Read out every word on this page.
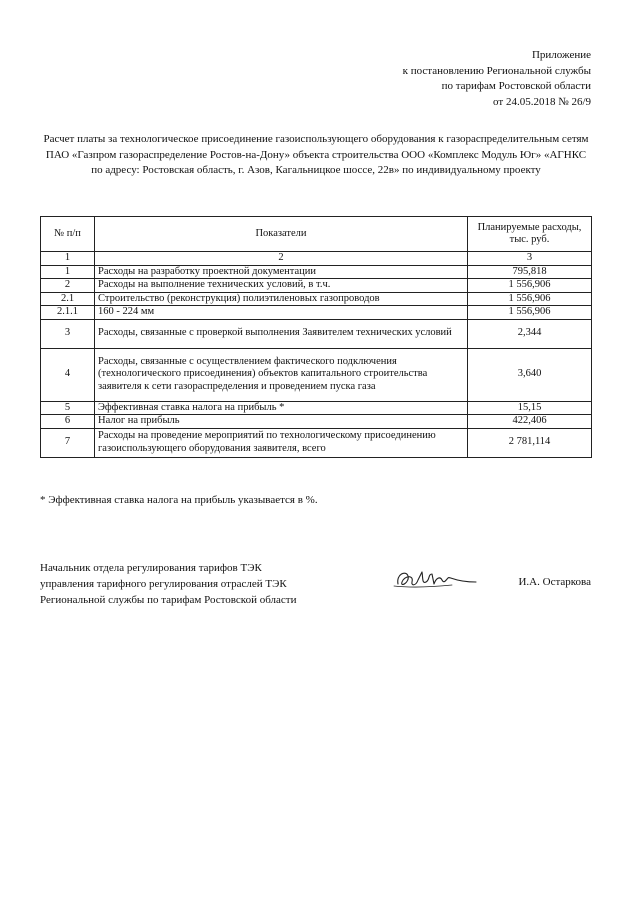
Приложение
к постановлению Региональной службы
по тарифам Ростовской области
от 24.05.2018 № 26/9
Расчет платы за технологическое присоединение газоиспользующего оборудования к газораспределительным сетям ПАО «Газпром газораспределение Ростов-на-Дону» объекта строительства ООО «Комплекс Модуль Юг» «АГНКС по адресу: Ростовская область, г. Азов, Кагальницкое шоссе, 22в» по индивидуальному проекту
№ п/п	Показатели	Планируемые расходы, тыс. руб.
1	2	3
1	Расходы на разработку проектной документации	795,818
2	Расходы на выполнение технических условий, в т.ч.	1 556,906
2.1	Строительство (реконструкция) полиэтиленовых газопроводов	1 556,906
2.1.1	160 - 224 мм	1 556,906
3	Расходы, связанные с проверкой выполнения Заявителем технических условий	2,344
4	Расходы, связанные с осуществлением фактического подключения (технологического присоединения) объектов капитального строительства заявителя к сети газораспределения и проведением пуска газа	3,640
5	Эффективная ставка налога на прибыль *	15,15
6	Налог на прибыль	422,406
7	Расходы на проведение мероприятий по технологическому присоединению газоиспользующего оборудования заявителя, всего	2 781,114
* Эффективная ставка налога на прибыль указывается в %.
Начальник отдела регулирования тарифов ТЭК
управления тарифного регулирования отраслей ТЭК
Региональной службы по тарифам Ростовской области
И.А. Остаркова
